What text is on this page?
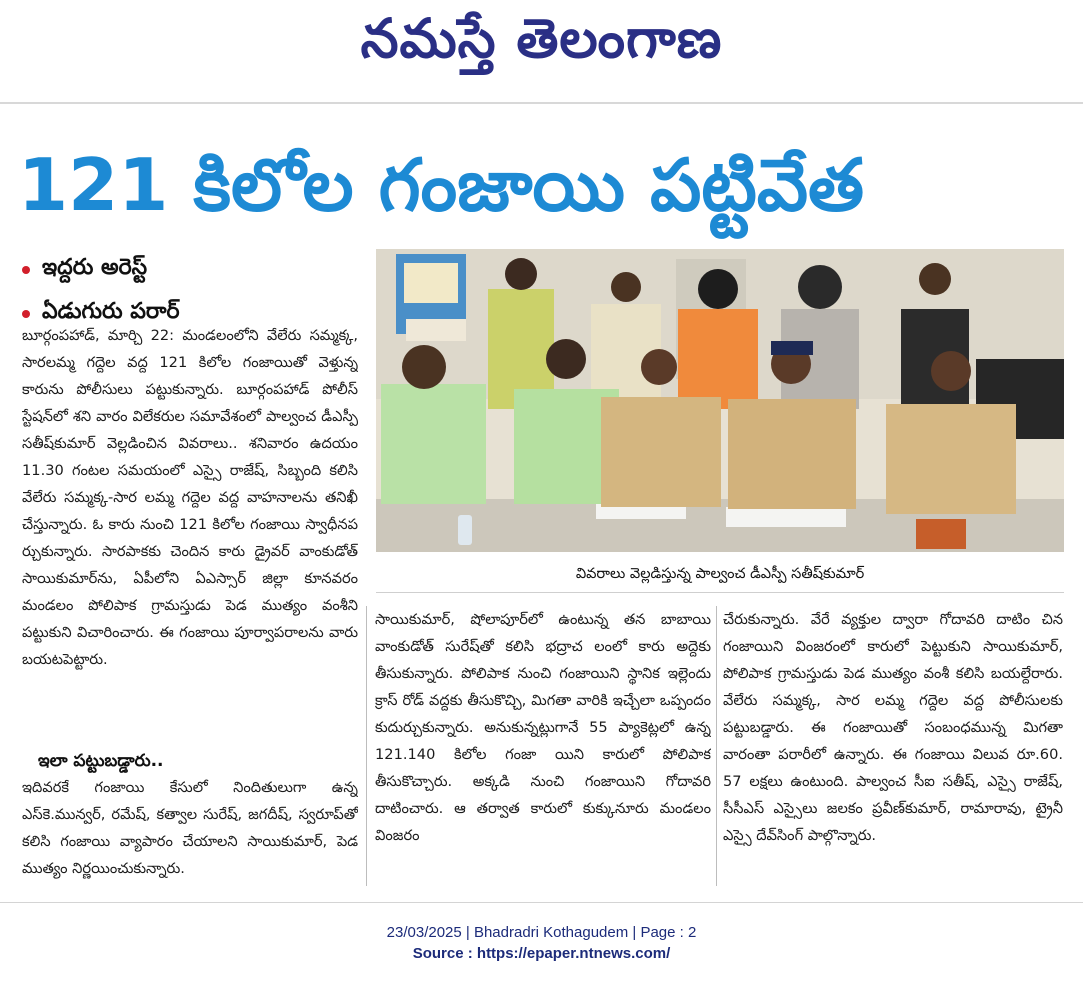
నమస్తే తెలంగాణ
121 కిలోల గంజాయి పట్టివేత
ఇద్దరు అరెస్ట్
ఏడుగురు పరార్
బూర్గంపహాడ్, మార్చి 22: మండలంలోని వేలేరు సమ్మక్క, సారలమ్మ గద్దెల వద్ద 121 కిలోల గంజాయితో వెళ్తున్న కారును పోలీసులు పట్టుకున్నారు. బూర్గంపహాడ్ పోలీస్ స్టేషన్‌లో శని వారం విలేకరుల సమావేశంలో పాల్వంచ డీఎస్పీ సతీష్‌కుమార్ వెల్లడించిన వివరాలు.. శనివారం ఉదయం 11.30 గంటల సమయంలో ఎస్సై రాజేష్, సిబ్బంది కలిసి వేలేరు సమ్మక్క-సార లమ్మ గద్దెల వద్ద వాహనాలను తనిఖీ చేస్తున్నారు. ఓ కారు నుంచి 121 కిలోల గంజాయి స్వాధీనప ర్చుకున్నారు. సారపాకకు చెందిన కారు డ్రైవర్ వాంకుడోత్ సాయికుమార్‌ను, ఏపీలోని ఏఎస్సార్ జిల్లా కూనవరం మండలం పోలిపాక గ్రామస్తుడు పెడ ముత్యం వంశీని పట్టుకుని విచారించారు. ఈ గంజాయి పూర్వాపరాలను వారు బయటపెట్టారు.
ఇలా పట్టుబడ్డారు..
ఇదివరకే గంజాయి కేసులో నిందితులుగా ఉన్న ఎస్‌కె.మున్వర్, రమేష్, కత్వాల సురేష్, జగదీష్, స్వరూప్‌తో కలిసి గంజాయి వ్యాపారం చేయాలని సాయికుమార్, పెడ ముత్యం నిర్ణయించుకున్నారు.
సాయికుమార్, షోలాపూర్‌లో ఉంటున్న తన బాబాయి వాంకుడోత్ సురేష్‌తో కలిసి భద్రాచ లంలో కారు అద్దెకు తీసుకున్నారు. పోలిపాక నుంచి గంజాయిని స్థానిక ఇల్లెందు క్రాస్ రోడ్ వద్దకు తీసుకొచ్చి, మిగతా వారికి ఇచ్చేలా ఒప్పందం కుదుర్చుకున్నారు. అనుకున్నట్లుగానే 55 ప్యాకెట్లలో ఉన్న 121.140 కిలోల గంజా యిని కారులో పోలిపాక తీసుకొచ్చారు. అక్కడి నుంచి గంజాయిని గోదావరి దాటించారు. ఆ తర్వాత కారులో కుక్కునూరు మండలం వింజరం
చేరుకున్నారు. వేరే వ్యక్తుల ద్వారా గోదావరి దాటిం చిన గంజాయిని వింజరంలో కారులో పెట్టుకుని సాయికుమార్, పోలిపాక గ్రామస్తుడు పెడ ముత్యం వంశీ కలిసి బయల్దేరారు. వేలేరు సమ్మక్క, సార లమ్మ గద్దెల వద్ద పోలీసులకు పట్టుబడ్డారు. ఈ గంజాయితో సంబంధమున్న మిగతా వారంతా పరారీలో ఉన్నారు. ఈ గంజాయి విలువ రూ.60. 57 లక్షలు ఉంటుంది. పాల్వంచ సీఐ సతీష్, ఎస్సై రాజేష్, సీసీఎస్ ఎస్సైలు జలకం ప్రవీణ్‌కుమార్, రామారావు, ట్రైనీ ఎస్సై దేవ్‌సింగ్ పాల్గొన్నారు.
వివరాలు వెల్లడిస్తున్న పాల్వంచ డీఎస్పీ సతీష్‌కుమార్
23/03/2025 | Bhadradri Kothagudem | Page : 2
Source : https://epaper.ntnews.com/
